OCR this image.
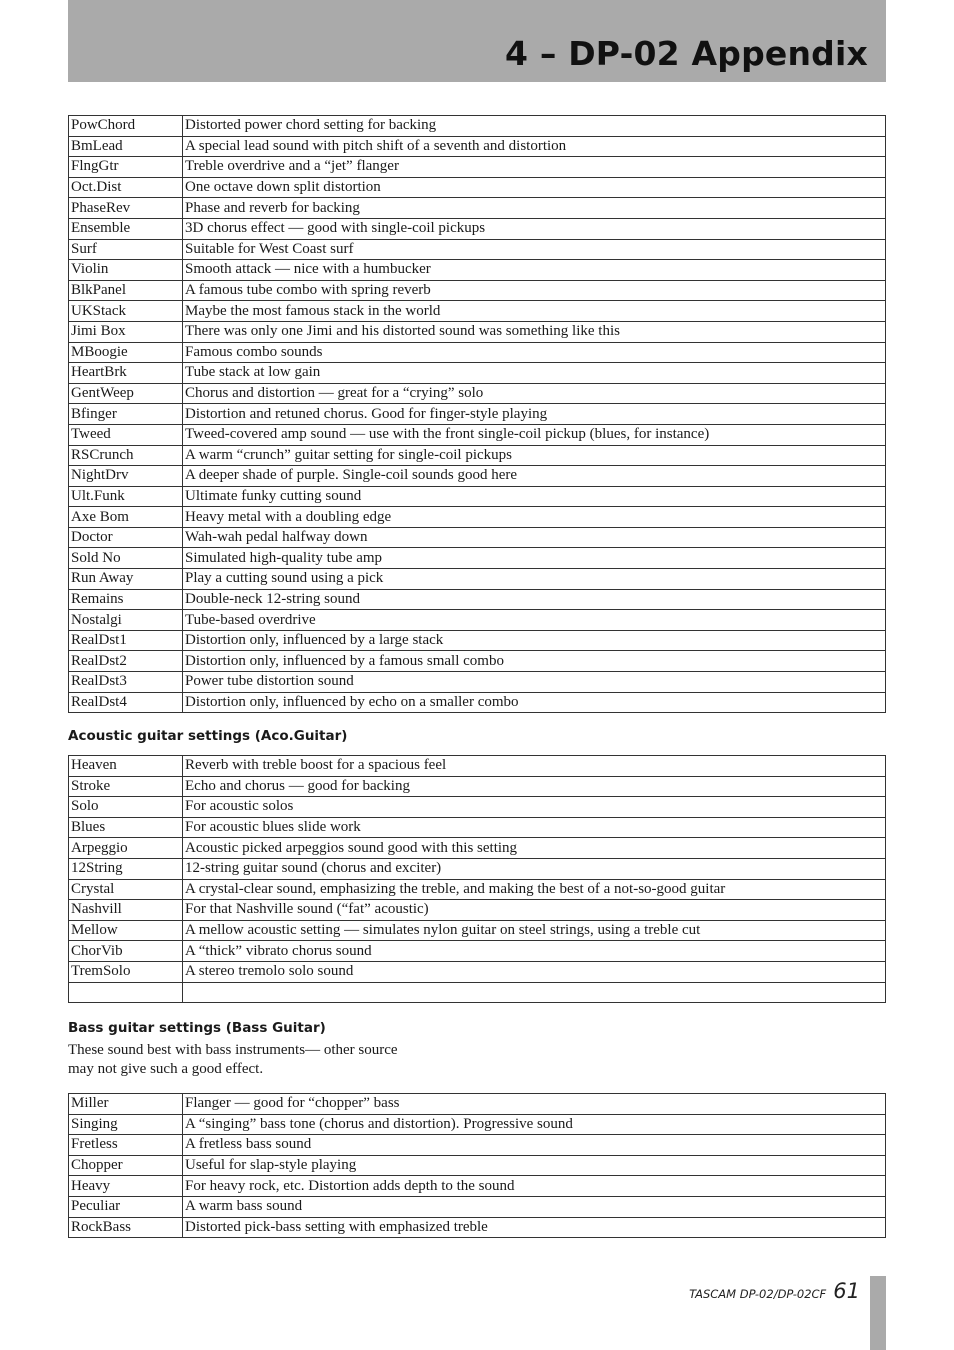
4 – DP-02 Appendix
PowChord	Distorted power chord setting for backing
BmLead	A special lead sound with pitch shift of a seventh and distortion
FlngGtr	Treble overdrive and a “jet” flanger
Oct.Dist	One octave down split distortion
PhaseRev	Phase and reverb for backing
Ensemble	3D chorus effect — good with single-coil pickups
Surf	Suitable for West Coast surf
Violin	Smooth attack — nice with a humbucker
BlkPanel	A famous tube combo with spring reverb
UKStack	Maybe the most famous stack in the world
Jimi Box	There was only one Jimi and his distorted sound was something like this
MBoogie	Famous combo sounds
HeartBrk	Tube stack at low gain
GentWeep	Chorus and distortion — great for a “crying” solo
Bfinger	Distortion and retuned chorus. Good for finger-style playing
Tweed	Tweed-covered amp sound — use with the front single-coil pickup (blues, for instance)
RSCrunch	A warm “crunch” guitar setting for single-coil pickups
NightDrv	A deeper shade of purple. Single-coil sounds good here
Ult.Funk	Ultimate funky cutting sound
Axe Bom	Heavy metal with a doubling edge
Doctor	Wah-wah pedal halfway down
Sold No	Simulated high-quality tube amp
Run Away	Play a cutting sound using a pick
Remains	Double-neck 12-string sound
Nostalgi	Tube-based overdrive
RealDst1	Distortion only, influenced by a large stack
RealDst2	Distortion only, influenced by a famous small combo
RealDst3	Power tube distortion sound
RealDst4	Distortion only, influenced by echo on a smaller combo
Acoustic guitar settings (Aco.Guitar)
Heaven	Reverb with treble boost for a spacious feel
Stroke	Echo and chorus — good for backing
Solo	For acoustic solos
Blues	For acoustic blues slide work
Arpeggio	Acoustic picked arpeggios sound good with this setting
12String	12-string guitar sound (chorus and exciter)
Crystal	A crystal-clear sound, emphasizing the treble, and making the best of a not-so-good guitar
Nashvill	For that Nashville sound (“fat” acoustic)
Mellow	A mellow acoustic setting — simulates nylon guitar on steel strings, using a treble cut
ChorVib	A “thick” vibrato chorus sound
TremSolo	A stereo tremolo solo sound

Bass guitar settings (Bass Guitar)
These sound best with bass instruments— other source
may not give such a good effect.
Miller	Flanger — good for “chopper” bass
Singing	A “singing” bass tone (chorus and distortion). Progressive sound
Fretless	A fretless bass sound
Chopper	Useful for slap-style playing
Heavy	For heavy rock, etc. Distortion adds depth to the sound
Peculiar	A warm bass sound
RockBass	Distorted pick-bass setting with emphasized treble
TASCAM DP-02/DP-02CF 61
